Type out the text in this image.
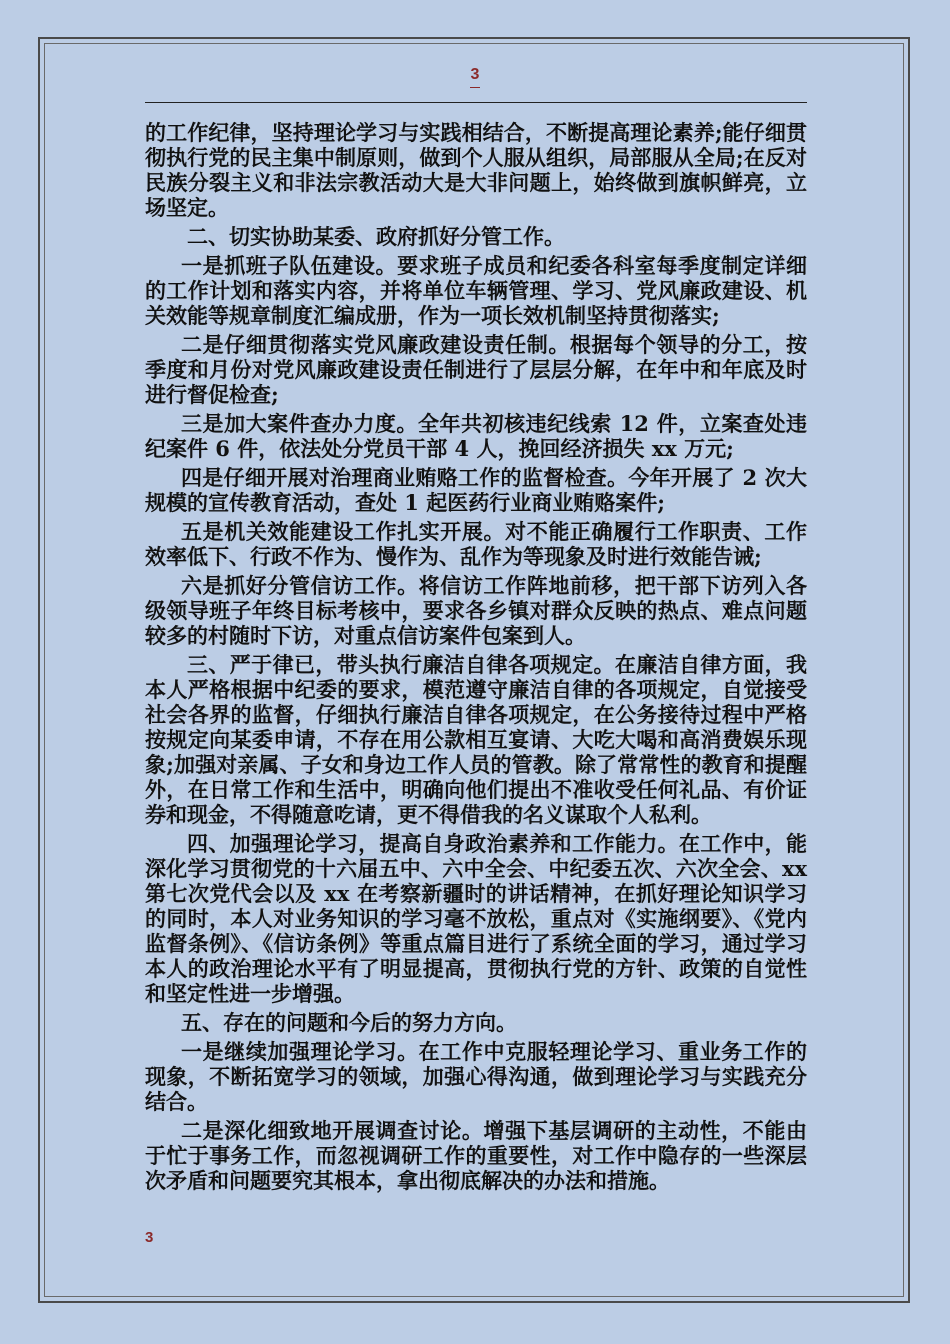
3

的工作纪律，坚持理论学习与实践相结合，不断提高理论素养;能仔细贯彻执行党的民主集中制原则，做到个人服从组织，局部服从全局;在反对民族分裂主义和非法宗教活动大是大非问题上，始终做到旗帜鲜亮，立场坚定。

二、切实协助某委、政府抓好分管工作。

一是抓班子队伍建设。要求班子成员和纪委各科室每季度制定详细的工作计划和落实内容，并将单位车辆管理、学习、党风廉政建设、机关效能等规章制度汇编成册，作为一项长效机制坚持贯彻落实;

二是仔细贯彻落实党风廉政建设责任制。根据每个领导的分工，按季度和月份对党风廉政建设责任制进行了层层分解，在年中和年底及时进行督促检查;

三是加大案件查办力度。全年共初核违纪线索 12 件，立案查处违纪案件 6 件，依法处分党员干部 4 人，挽回经济损失 xx 万元;

四是仔细开展对治理商业贿赂工作的监督检查。今年开展了 2 次大规模的宣传教育活动，查处 1 起医药行业商业贿赂案件;

五是机关效能建设工作扎实开展。对不能正确履行工作职责、工作效率低下、行政不作为、慢作为、乱作为等现象及时进行效能告诫;

六是抓好分管信访工作。将信访工作阵地前移，把干部下访列入各级领导班子年终目标考核中，要求各乡镇对群众反映的热点、难点问题较多的村随时下访，对重点信访案件包案到人。

三、严于律已，带头执行廉洁自律各项规定。在廉洁自律方面，我本人严格根据中纪委的要求，模范遵守廉洁自律的各项规定，自觉接受社会各界的监督，仔细执行廉洁自律各项规定，在公务接待过程中严格按规定向某委申请，不存在用公款相互宴请、大吃大喝和高消费娱乐现象;加强对亲属、子女和身边工作人员的管教。除了常常性的教育和提醒外，在日常工作和生活中，明确向他们提出不准收受任何礼品、有价证券和现金，不得随意吃请，更不得借我的名义谋取个人私利。

四、加强理论学习，提高自身政治素养和工作能力。在工作中，能深化学习贯彻党的十六届五中、六中全会、中纪委五次、六次全会、xx 第七次党代会以及 xx 在考察新疆时的讲话精神，在抓好理论知识学习的同时，本人对业务知识的学习毫不放松，重点对《实施纲要》、《党内监督条例》、《信访条例》等重点篇目进行了系统全面的学习，通过学习本人的政治理论水平有了明显提高，贯彻执行党的方针、政策的自觉性和坚定性进一步增强。

五、存在的问题和今后的努力方向。

一是继续加强理论学习。在工作中克服轻理论学习、重业务工作的现象，不断拓宽学习的领域，加强心得沟通，做到理论学习与实践充分结合。

二是深化细致地开展调查讨论。增强下基层调研的主动性，不能由于忙于事务工作，而忽视调研工作的重要性，对工作中隐存的一些深层次矛盾和问题要究其根本，拿出彻底解决的办法和措施。

3
